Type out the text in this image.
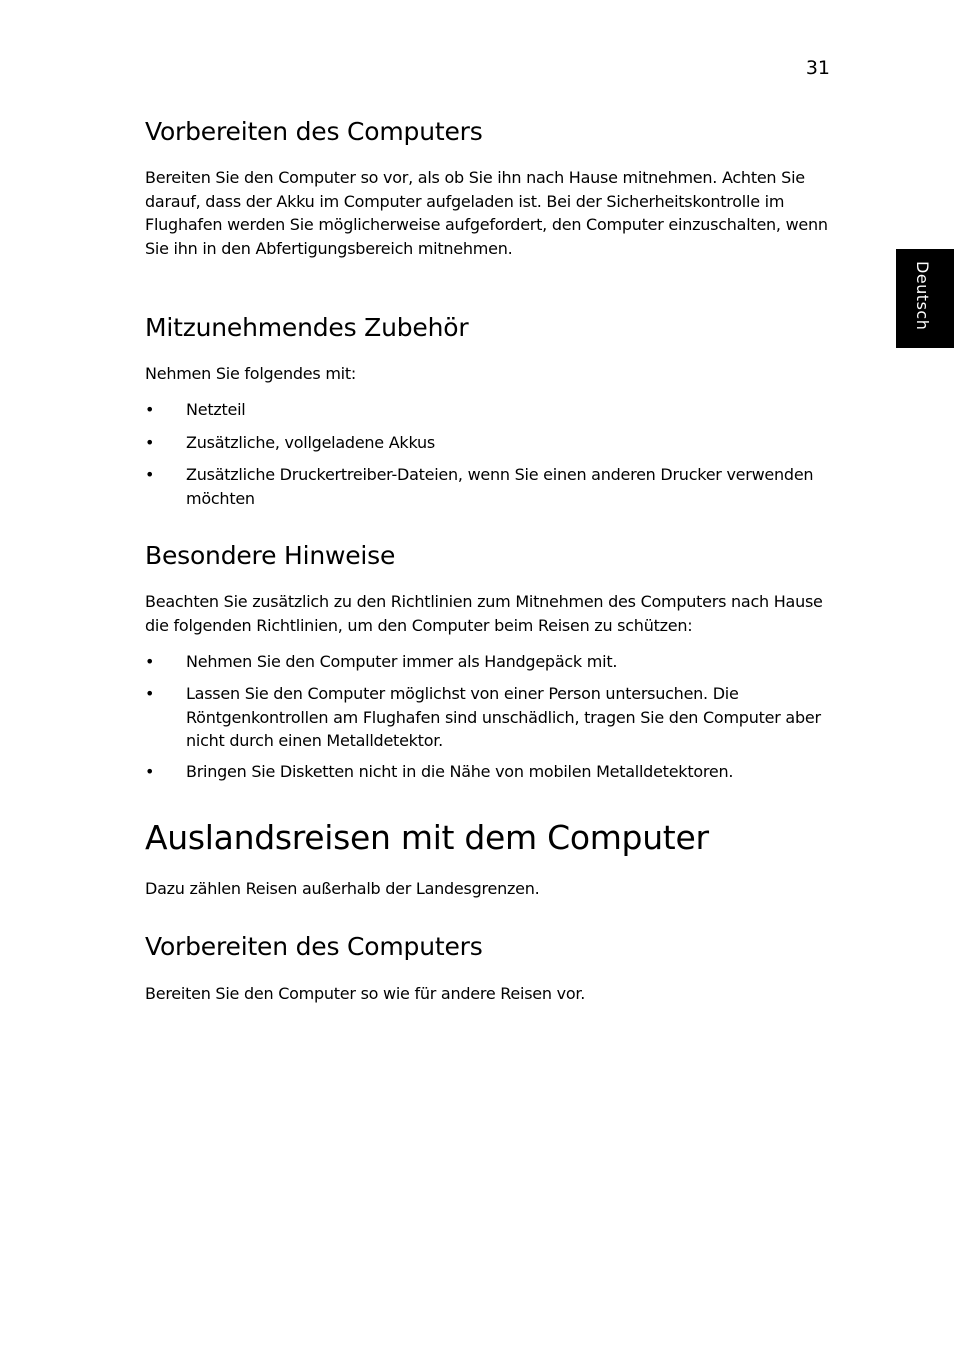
31
Deutsch
Vorbereiten des Computers
Bereiten Sie den Computer so vor, als ob Sie ihn nach Hause mitnehmen. Achten Sie darauf, dass der Akku im Computer aufgeladen ist. Bei der Sicherheitskontrolle im Flughafen werden Sie möglicherweise aufgefordert, den Computer einzuschalten, wenn Sie ihn in den Abfertigungsbereich mitnehmen.
Mitzunehmendes Zubehör
Nehmen Sie folgendes mit:
• Netzteil
• Zusätzliche, vollgeladene Akkus
• Zusätzliche Druckertreiber-Dateien, wenn Sie einen anderen Drucker verwenden möchten
Besondere Hinweise
Beachten Sie zusätzlich zu den Richtlinien zum Mitnehmen des Computers nach Hause die folgenden Richtlinien, um den Computer beim Reisen zu schützen:
• Nehmen Sie den Computer immer als Handgepäck mit.
• Lassen Sie den Computer möglichst von einer Person untersuchen. Die Röntgenkontrollen am Flughafen sind unschädlich, tragen Sie den Computer aber nicht durch einen Metalldetektor.
• Bringen Sie Disketten nicht in die Nähe von mobilen Metalldetektoren.
Auslandsreisen mit dem Computer
Dazu zählen Reisen außerhalb der Landesgrenzen.
Vorbereiten des Computers
Bereiten Sie den Computer so wie für andere Reisen vor.
